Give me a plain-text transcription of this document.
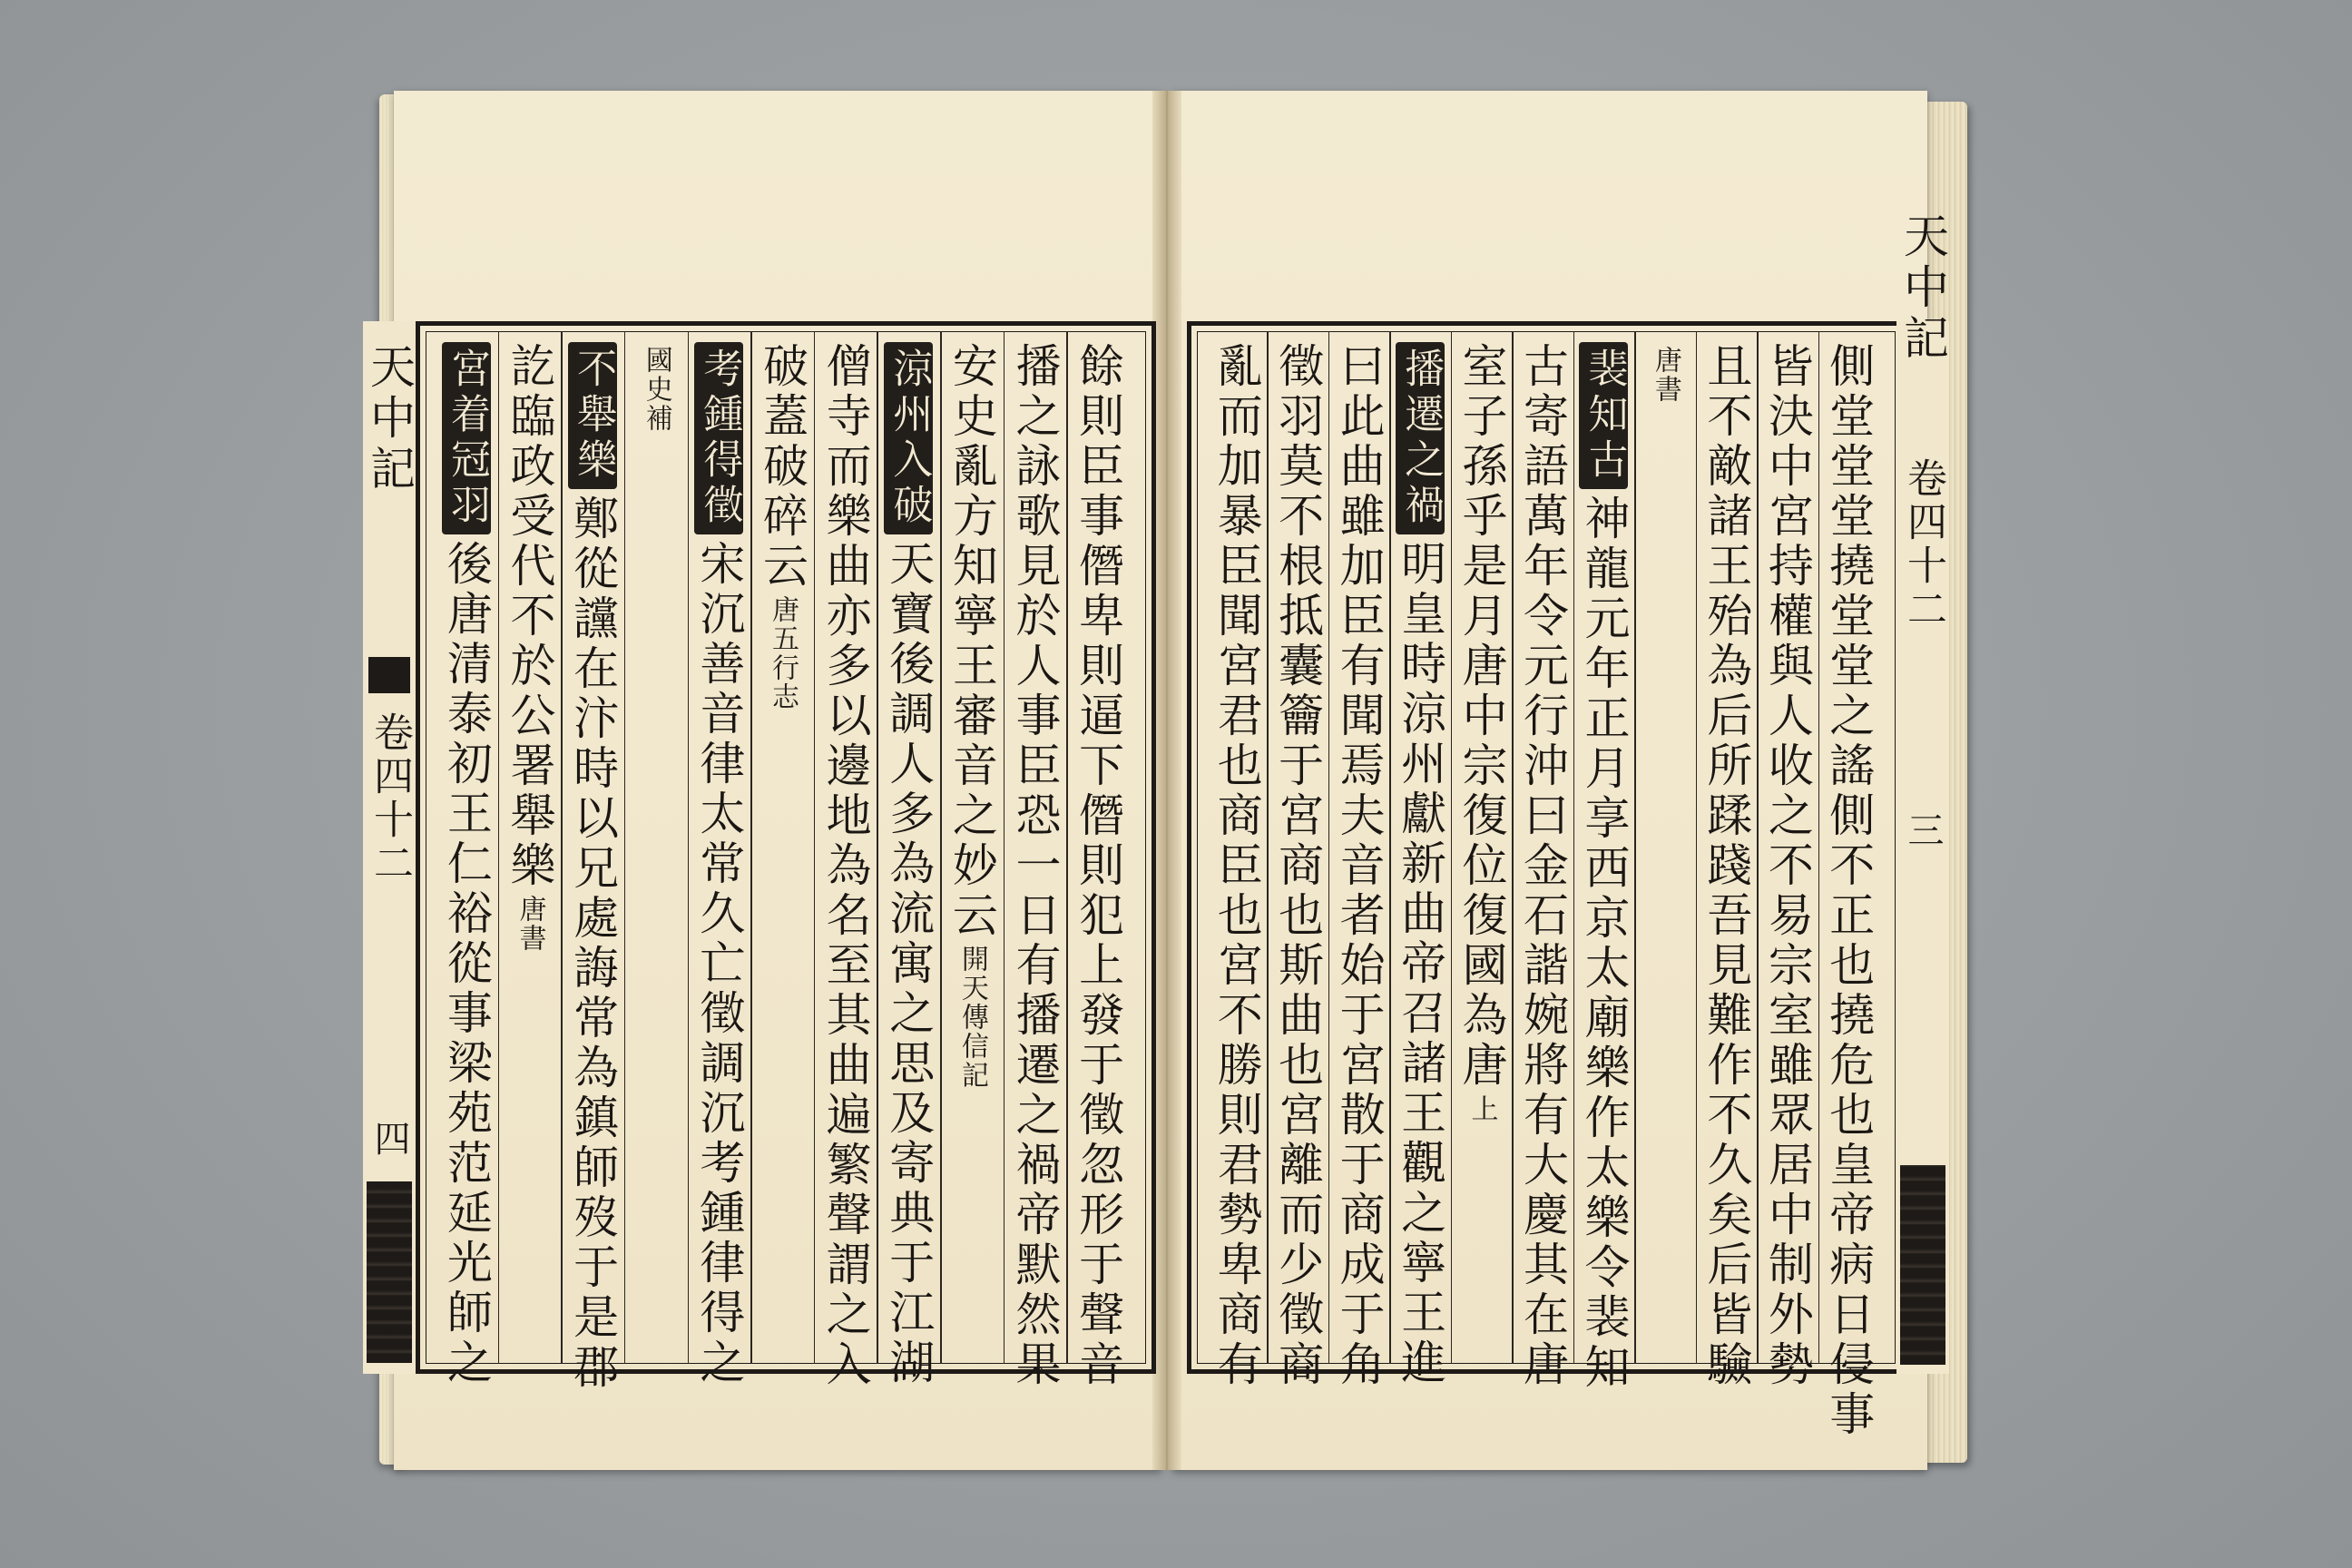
餘則臣事僭卑則逼下僭則犯上發于徵忽形于聲音
播之詠歌見於人事臣恐一日有播遷之禍帝默然果
安史亂方知寧王審音之妙云
開天傳信記
涼州入破
天寶後調人多為流寓之思及寄典于江湖
僧寺而樂曲亦多以邊地為名至其曲遍繁聲謂之入
破蓋破碎云
唐五行志
考鍾得徵
宋沉善音律太常久亡徵調沉考鍾律得之
國史補
不舉樂
鄭從讜在汴時以兄處誨常為鎮師歿于是郡
訖臨政受代不於公署舉樂
唐書
宮着冠羽
後唐清泰初王仁裕從事梁苑范延光師之
天中記
卷四十二
四	側堂堂堂撓堂堂之謠側不正也撓危也皇帝病日侵事
皆決中宮持權與人收之不易宗室雖眾居中制外勢
且不敵諸王殆為后所蹂踐吾見難作不久矣后皆驗
唐書
裴知古
神龍元年正月享西京太廟樂作太樂令裴知
古寄語萬年令元行沖曰金石諧婉將有大慶其在唐
室子孫乎是月唐中宗復位復國為唐
上
播遷之禍
明皇時涼州獻新曲帝召諸王觀之寧王進
曰此曲雖加臣有聞焉夫音者始于宮散于商成于角
徵羽莫不根抵囊籥于宮商也斯曲也宮離而少徵商
亂而加暴臣聞宮君也商臣也宮不勝則君勢卑商有
天中記
卷四十二
三
